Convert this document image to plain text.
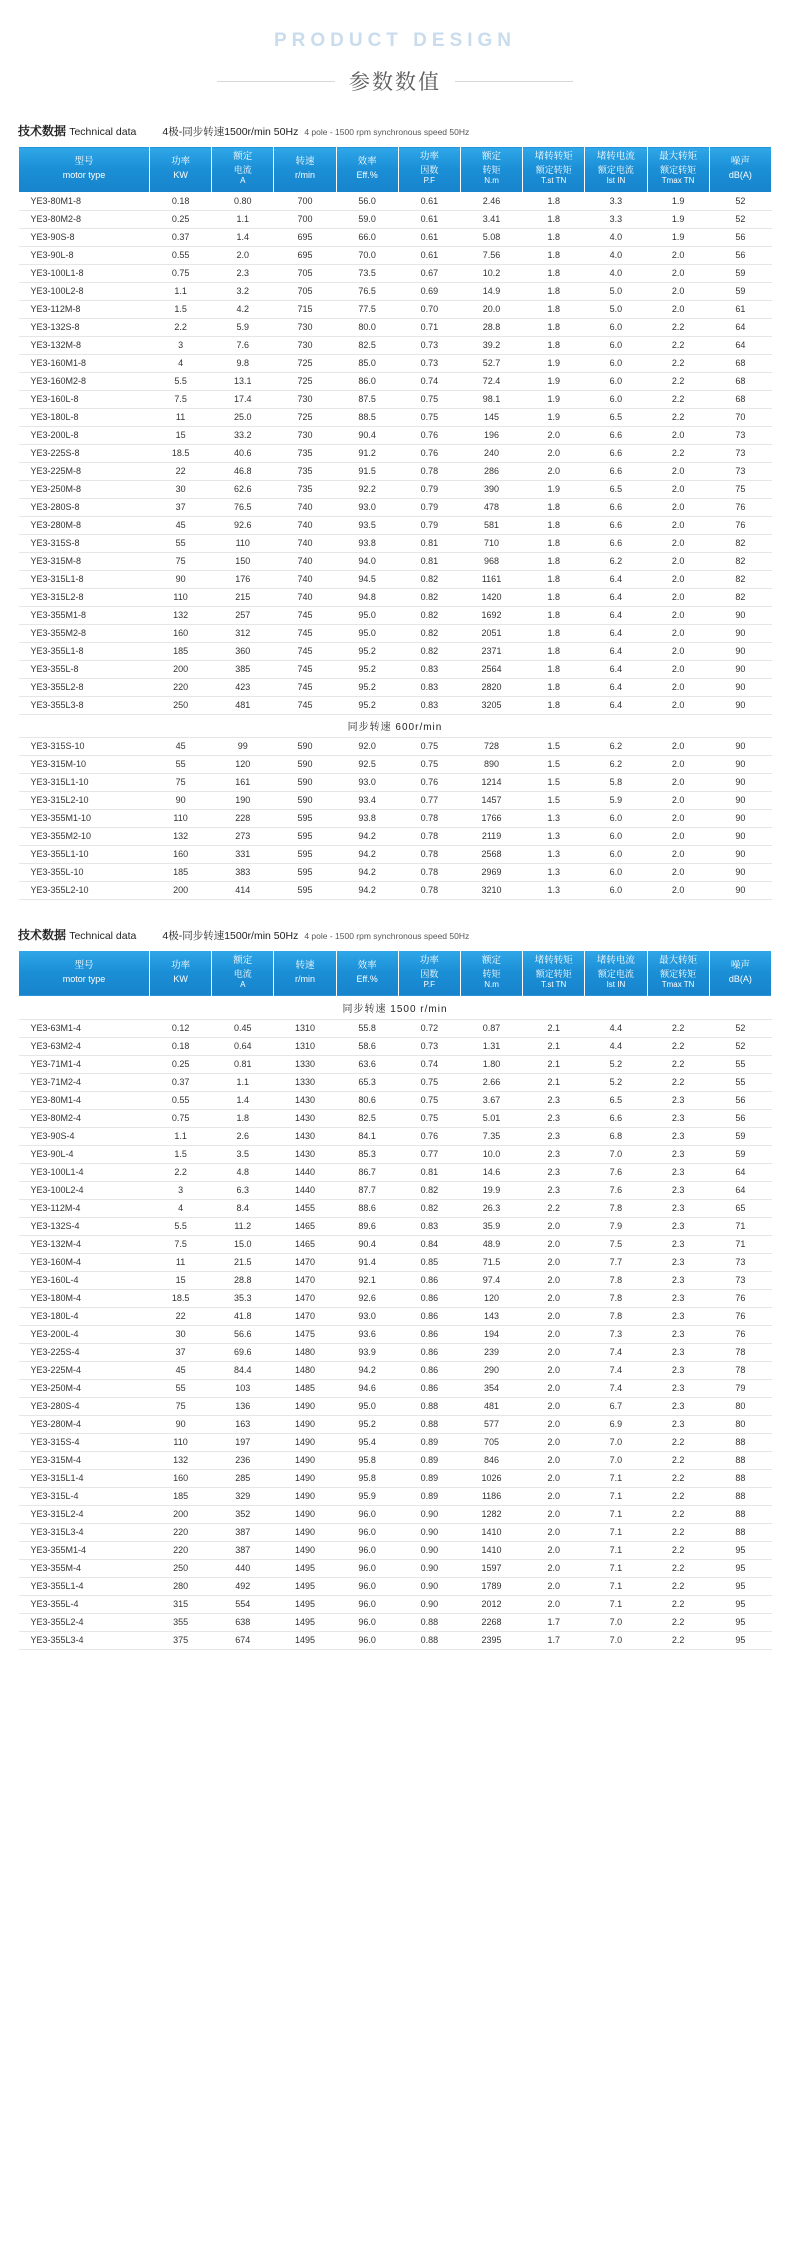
PRODUCT DESIGN
参数数值
技术数据 Technical data 4极-同步转速1500r/min 50Hz 4 pole - 1500 rpm synchronous speed 50Hz
型号
motor type	功率
KW	额定
电流
A	转速
r/min	效率
Eff.%	功率
因数
P.F	额定
转矩
N.m	堵转转矩
额定转矩
T.st TN	堵转电流
额定电流
Ist IN	最大转矩
额定转矩
Tmax TN	噪声
dB(A)

YE3-80M1-8	0.18	0.80	700	56.0	0.61	2.46	1.8	3.3	1.9	52
YE3-80M2-8	0.25	1.1	700	59.0	0.61	3.41	1.8	3.3	1.9	52
YE3-90S-8	0.37	1.4	695	66.0	0.61	5.08	1.8	4.0	1.9	56
YE3-90L-8	0.55	2.0	695	70.0	0.61	7.56	1.8	4.0	2.0	56
YE3-100L1-8	0.75	2.3	705	73.5	0.67	10.2	1.8	4.0	2.0	59
YE3-100L2-8	1.1	3.2	705	76.5	0.69	14.9	1.8	5.0	2.0	59
YE3-112M-8	1.5	4.2	715	77.5	0.70	20.0	1.8	5.0	2.0	61
YE3-132S-8	2.2	5.9	730	80.0	0.71	28.8	1.8	6.0	2.2	64
YE3-132M-8	3	7.6	730	82.5	0.73	39.2	1.8	6.0	2.2	64
YE3-160M1-8	4	9.8	725	85.0	0.73	52.7	1.9	6.0	2.2	68
YE3-160M2-8	5.5	13.1	725	86.0	0.74	72.4	1.9	6.0	2.2	68
YE3-160L-8	7.5	17.4	730	87.5	0.75	98.1	1.9	6.0	2.2	68
YE3-180L-8	11	25.0	725	88.5	0.75	145	1.9	6.5	2.2	70
YE3-200L-8	15	33.2	730	90.4	0.76	196	2.0	6.6	2.0	73
YE3-225S-8	18.5	40.6	735	91.2	0.76	240	2.0	6.6	2.2	73
YE3-225M-8	22	46.8	735	91.5	0.78	286	2.0	6.6	2.0	73
YE3-250M-8	30	62.6	735	92.2	0.79	390	1.9	6.5	2.0	75
YE3-280S-8	37	76.5	740	93.0	0.79	478	1.8	6.6	2.0	76
YE3-280M-8	45	92.6	740	93.5	0.79	581	1.8	6.6	2.0	76
YE3-315S-8	55	110	740	93.8	0.81	710	1.8	6.6	2.0	82
YE3-315M-8	75	150	740	94.0	0.81	968	1.8	6.2	2.0	82
YE3-315L1-8	90	176	740	94.5	0.82	1161	1.8	6.4	2.0	82
YE3-315L2-8	110	215	740	94.8	0.82	1420	1.8	6.4	2.0	82
YE3-355M1-8	132	257	745	95.0	0.82	1692	1.8	6.4	2.0	90
YE3-355M2-8	160	312	745	95.0	0.82	2051	1.8	6.4	2.0	90
YE3-355L1-8	185	360	745	95.2	0.82	2371	1.8	6.4	2.0	90
YE3-355L-8	200	385	745	95.2	0.83	2564	1.8	6.4	2.0	90
YE3-355L2-8	220	423	745	95.2	0.83	2820	1.8	6.4	2.0	90
YE3-355L3-8	250	481	745	95.2	0.83	3205	1.8	6.4	2.0	90
同步转速 600r/min										
YE3-315S-10	45	99	590	92.0	0.75	728	1.5	6.2	2.0	90
YE3-315M-10	55	120	590	92.5	0.75	890	1.5	6.2	2.0	90
YE3-315L1-10	75	161	590	93.0	0.76	1214	1.5	5.8	2.0	90
YE3-315L2-10	90	190	590	93.4	0.77	1457	1.5	5.9	2.0	90
YE3-355M1-10	110	228	595	93.8	0.78	1766	1.3	6.0	2.0	90
YE3-355M2-10	132	273	595	94.2	0.78	2119	1.3	6.0	2.0	90
YE3-355L1-10	160	331	595	94.2	0.78	2568	1.3	6.0	2.0	90
YE3-355L-10	185	383	595	94.2	0.78	2969	1.3	6.0	2.0	90
YE3-355L2-10	200	414	595	94.2	0.78	3210	1.3	6.0	2.0	90
技术数据 Technical data 4极-同步转速1500r/min 50Hz 4 pole - 1500 rpm synchronous speed 50Hz
型号
motor type	功率
KW	额定
电流
A	转速
r/min	效率
Eff.%	功率
因数
P.F	额定
转矩
N.m	堵转转矩
额定转矩
T.st TN	堵转电流
额定电流
Ist IN	最大转矩
额定转矩
Tmax TN	噪声
dB(A)

同步转速 1500 r/min										
YE3-63M1-4	0.12	0.45	1310	55.8	0.72	0.87	2.1	4.4	2.2	52
YE3-63M2-4	0.18	0.64	1310	58.6	0.73	1.31	2.1	4.4	2.2	52
YE3-71M1-4	0.25	0.81	1330	63.6	0.74	1.80	2.1	5.2	2.2	55
YE3-71M2-4	0.37	1.1	1330	65.3	0.75	2.66	2.1	5.2	2.2	55
YE3-80M1-4	0.55	1.4	1430	80.6	0.75	3.67	2.3	6.5	2.3	56
YE3-80M2-4	0.75	1.8	1430	82.5	0.75	5.01	2.3	6.6	2.3	56
YE3-90S-4	1.1	2.6	1430	84.1	0.76	7.35	2.3	6.8	2.3	59
YE3-90L-4	1.5	3.5	1430	85.3	0.77	10.0	2.3	7.0	2.3	59
YE3-100L1-4	2.2	4.8	1440	86.7	0.81	14.6	2.3	7.6	2.3	64
YE3-100L2-4	3	6.3	1440	87.7	0.82	19.9	2.3	7.6	2.3	64
YE3-112M-4	4	8.4	1455	88.6	0.82	26.3	2.2	7.8	2.3	65
YE3-132S-4	5.5	11.2	1465	89.6	0.83	35.9	2.0	7.9	2.3	71
YE3-132M-4	7.5	15.0	1465	90.4	0.84	48.9	2.0	7.5	2.3	71
YE3-160M-4	11	21.5	1470	91.4	0.85	71.5	2.0	7.7	2.3	73
YE3-160L-4	15	28.8	1470	92.1	0.86	97.4	2.0	7.8	2.3	73
YE3-180M-4	18.5	35.3	1470	92.6	0.86	120	2.0	7.8	2.3	76
YE3-180L-4	22	41.8	1470	93.0	0.86	143	2.0	7.8	2.3	76
YE3-200L-4	30	56.6	1475	93.6	0.86	194	2.0	7.3	2.3	76
YE3-225S-4	37	69.6	1480	93.9	0.86	239	2.0	7.4	2.3	78
YE3-225M-4	45	84.4	1480	94.2	0.86	290	2.0	7.4	2.3	78
YE3-250M-4	55	103	1485	94.6	0.86	354	2.0	7.4	2.3	79
YE3-280S-4	75	136	1490	95.0	0.88	481	2.0	6.7	2.3	80
YE3-280M-4	90	163	1490	95.2	0.88	577	2.0	6.9	2.3	80
YE3-315S-4	110	197	1490	95.4	0.89	705	2.0	7.0	2.2	88
YE3-315M-4	132	236	1490	95.8	0.89	846	2.0	7.0	2.2	88
YE3-315L1-4	160	285	1490	95.8	0.89	1026	2.0	7.1	2.2	88
YE3-315L-4	185	329	1490	95.9	0.89	1186	2.0	7.1	2.2	88
YE3-315L2-4	200	352	1490	96.0	0.90	1282	2.0	7.1	2.2	88
YE3-315L3-4	220	387	1490	96.0	0.90	1410	2.0	7.1	2.2	88
YE3-355M1-4	220	387	1490	96.0	0.90	1410	2.0	7.1	2.2	95
YE3-355M-4	250	440	1495	96.0	0.90	1597	2.0	7.1	2.2	95
YE3-355L1-4	280	492	1495	96.0	0.90	1789	2.0	7.1	2.2	95
YE3-355L-4	315	554	1495	96.0	0.90	2012	2.0	7.1	2.2	95
YE3-355L2-4	355	638	1495	96.0	0.88	2268	1.7	7.0	2.2	95
YE3-355L3-4	375	674	1495	96.0	0.88	2395	1.7	7.0	2.2	95
